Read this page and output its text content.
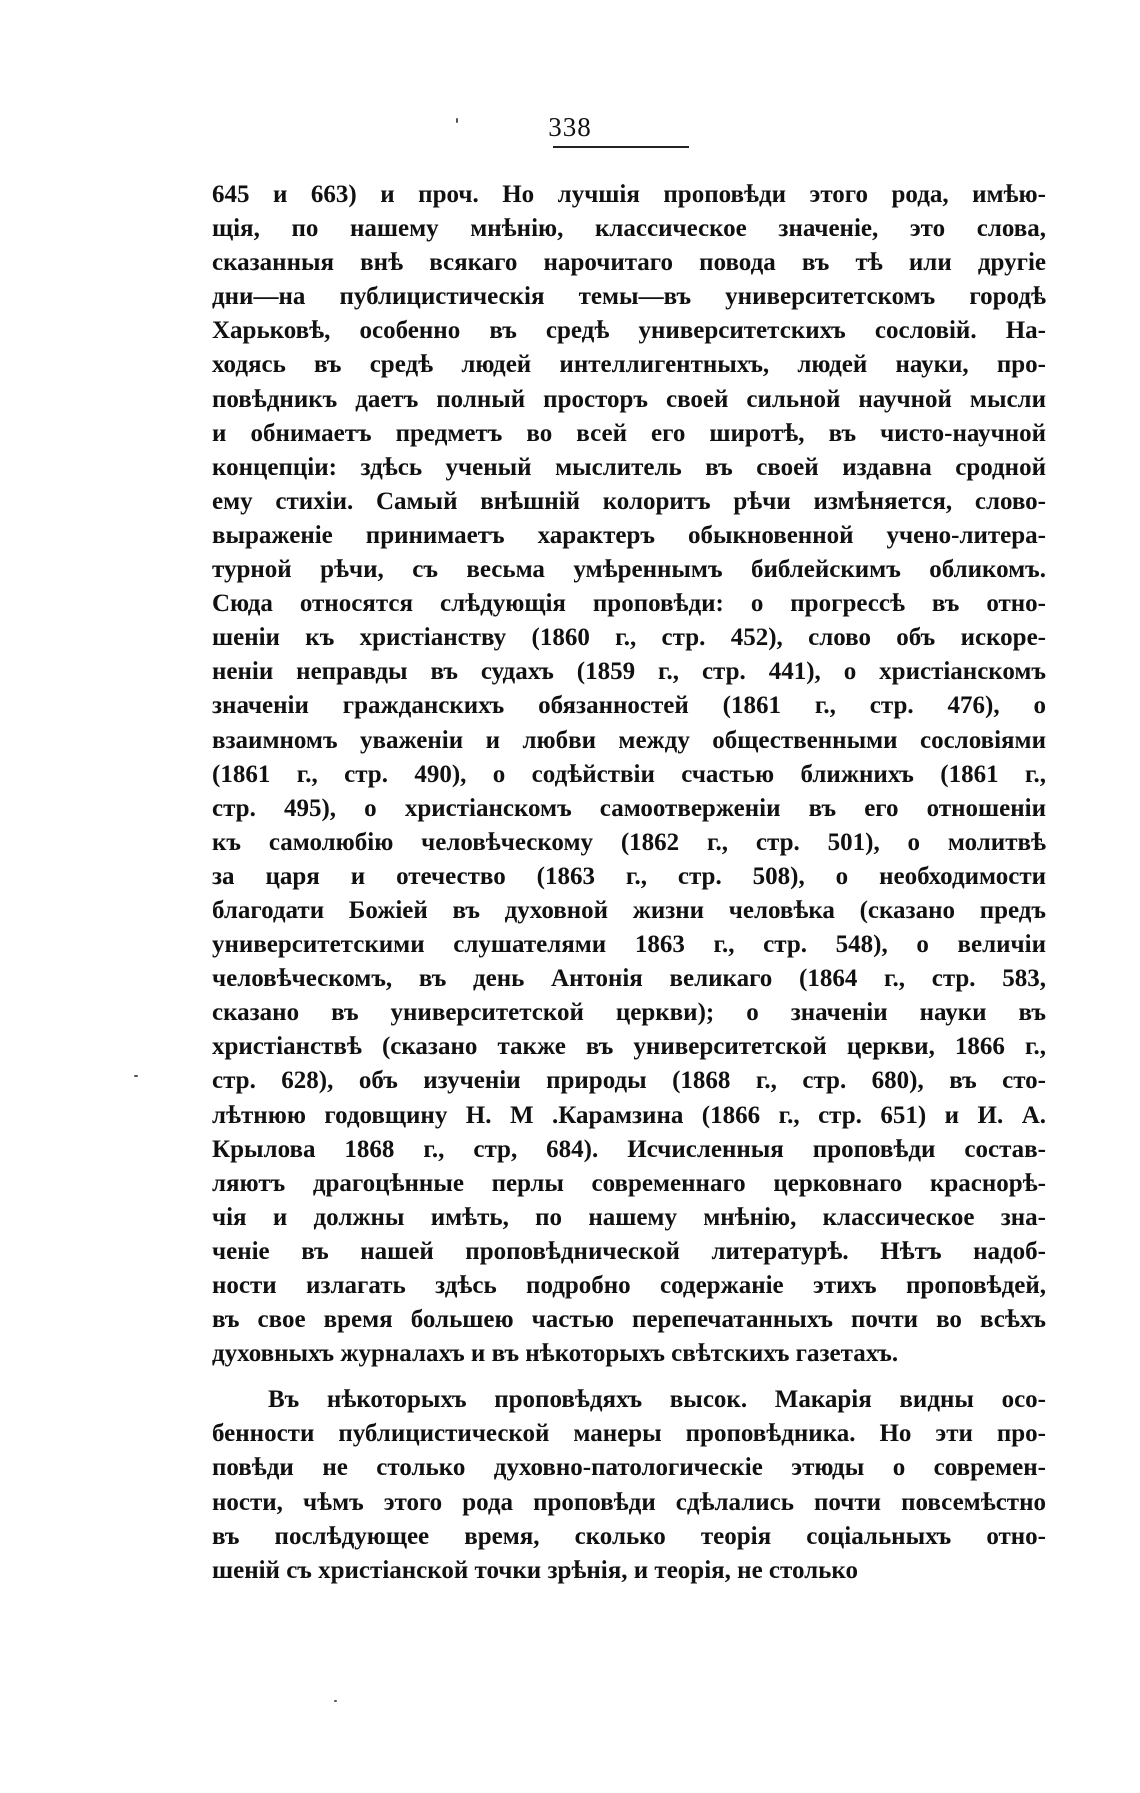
338
645 и 663) и проч. Но лучшія проповѣди этого рода, имѣю-
щія, по нашему мнѣнію, классическое значеніе, это слова,
сказанныя внѣ всякаго нарочитаго повода въ тѣ или другіе
дни—на публицистическія темы—въ университетскомъ городѣ
Харьковѣ, особенно въ средѣ университетскихъ сословій. На-
ходясь въ средѣ людей интеллигентныхъ, людей науки, про-
повѣдникъ даетъ полный просторъ своей сильной научной мысли
и обнимаетъ предметъ во всей его широтѣ, въ чисто-научной
концепціи: здѣсь ученый мыслитель въ своей издавна сродной
ему стихіи. Самый внѣшній колоритъ рѣчи измѣняется, слово-
выраженіе принимаетъ характеръ обыкновенной учено-литера-
турной рѣчи, съ весьма умѣреннымъ библейскимъ обликомъ.
Сюда относятся слѣдующія проповѣди: о прогрессѣ въ отно-
шеніи къ христіанству (1860 г., стр. 452), слово объ искоре-
неніи неправды въ судахъ (1859 г., стр. 441), о христіанскомъ
значеніи гражданскихъ обязанностей (1861 г., стр. 476), о
взаимномъ уваженіи и любви между общественными сословіями
(1861 г., стр. 490), о содѣйствіи счастью ближнихъ (1861 г.,
стр. 495), о христіанскомъ самоотверженіи въ его отношеніи
къ самолюбію человѣческому (1862 г., стр. 501), о молитвѣ
за царя и отечество (1863 г., стр. 508), о необходимости
благодати Божіей въ духовной жизни человѣка (сказано предъ
университетскими слушателями 1863 г., стр. 548), о величіи
человѣческомъ, въ день Антонія великаго (1864 г., стр. 583,
сказано въ университетской церкви); о значеніи науки въ
христіанствѣ (сказано также въ университетской церкви, 1866 г.,
стр. 628), объ изученіи природы (1868 г., стр. 680), въ сто-
лѣтнюю годовщину Н. М .Карамзина (1866 г., стр. 651) и И. А.
Крылова 1868 г., стр, 684). Исчисленныя проповѣди состав-
ляютъ драгоцѣнные перлы современнаго церковнаго краснорѣ-
чія и должны имѣть, по нашему мнѣнію, классическое зна-
ченіе въ нашей проповѣднической литературѣ. Нѣтъ надоб-
ности излагать здѣсь подробно содержаніе этихъ проповѣдей,
въ свое время большею частью перепечатанныхъ почти во всѣхъ
духовныхъ журналахъ и въ нѣкоторыхъ свѣтскихъ газетахъ.
Въ нѣкоторыхъ проповѣдяхъ высок. Макарія видны осо-
бенности публицистической манеры проповѣдника. Но эти про-
повѣди не столько духовно-патологическіе этюды о современ-
ности, чѣмъ этого рода проповѣди сдѣлались почти повсемѣстно
въ послѣдующее время, сколько теорія соціальныхъ отно-
шеній съ христіанской точки зрѣнія, и теорія, не столько
